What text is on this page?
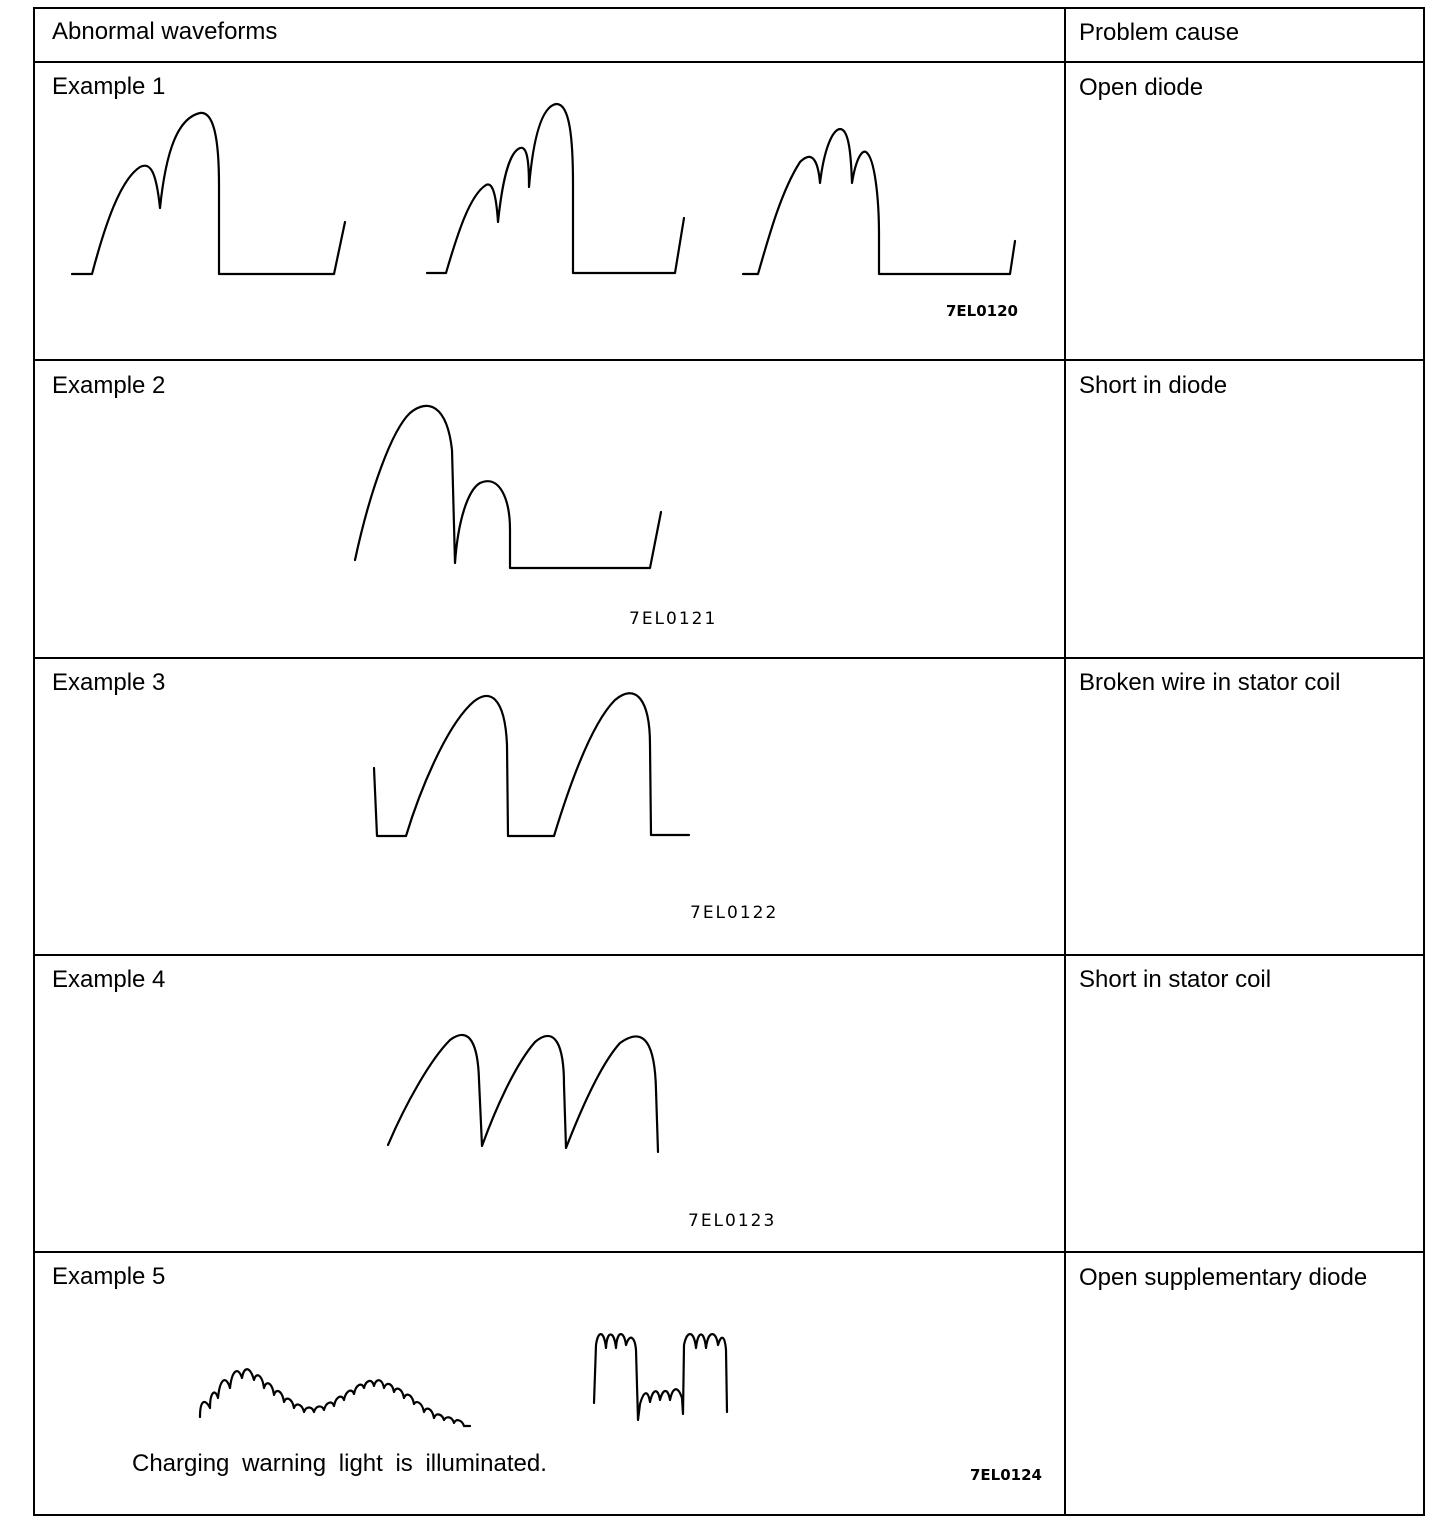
Abnormal waveforms	Problem cause
Example 1	Open diode
Example 2	Short in diode
Example 3	Broken wire in stator coil
Example 4	Short in stator coil
Example 5	Open supplementary diode
7EL0120
7EL0121
7EL0122
7EL0123
7EL0124
Charging warning light is illuminated.
